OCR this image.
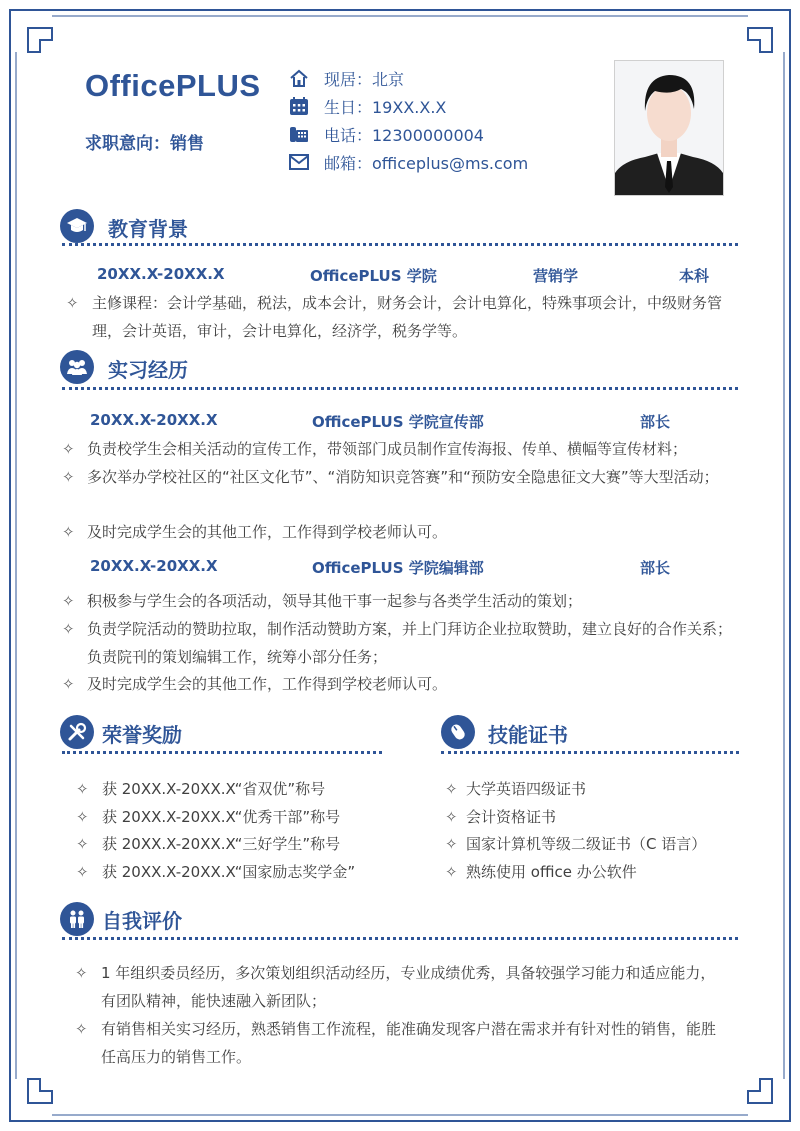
OfficePLUS
求职意向：销售
现居：北京
生日：19XX.X.X
电话：12300000004
邮箱：officeplus@ms.com
教育背景
20XX.X-20XX.X	OfficePLUS 学院	营销学	本科
✧ 主修课程：会计学基础，税法，成本会计，财务会计，会计电算化，特殊事项会计，中级财务管理，会计英语，审计，会计电算化，经济学，税务学等。
实习经历
20XX.X-20XX.X	OfficePLUS 学院宣传部	部长
✧ 负责校学生会相关活动的宣传工作，带领部门成员制作宣传海报、传单、横幅等宣传材料；
✧ 多次举办学校社区的“社区文化节”、“消防知识竞答赛”和“预防安全隐患征文大赛”等大型活动；
✧ 及时完成学生会的其他工作，工作得到学校老师认可。
20XX.X-20XX.X	OfficePLUS 学院编辑部	部长
✧ 积极参与学生会的各项活动，领导其他干事一起参与各类学生活动的策划；
✧ 负责学院活动的赞助拉取，制作活动赞助方案，并上门拜访企业拉取赞助，建立良好的合作关系；负责院刊的策划编辑工作，统筹小部分任务；
✧ 及时完成学生会的其他工作，工作得到学校老师认可。
荣誉奖励
✧ 获 20XX.X-20XX.X“省双优”称号
✧ 获 20XX.X-20XX.X“优秀干部”称号
✧ 获 20XX.X-20XX.X“三好学生”称号
✧ 获 20XX.X-20XX.X“国家励志奖学金”
技能证书
✧ 大学英语四级证书
✧ 会计资格证书
✧ 国家计算机等级二级证书（C 语言）
✧ 熟练使用 office 办公软件
自我评价
✧ 1 年组织委员经历，多次策划组织活动经历，专业成绩优秀，具备较强学习能力和适应能力，有团队精神，能快速融入新团队；
✧ 有销售相关实习经历，熟悉销售工作流程，能准确发现客户潜在需求并有针对性的销售，能胜任高压力的销售工作。
